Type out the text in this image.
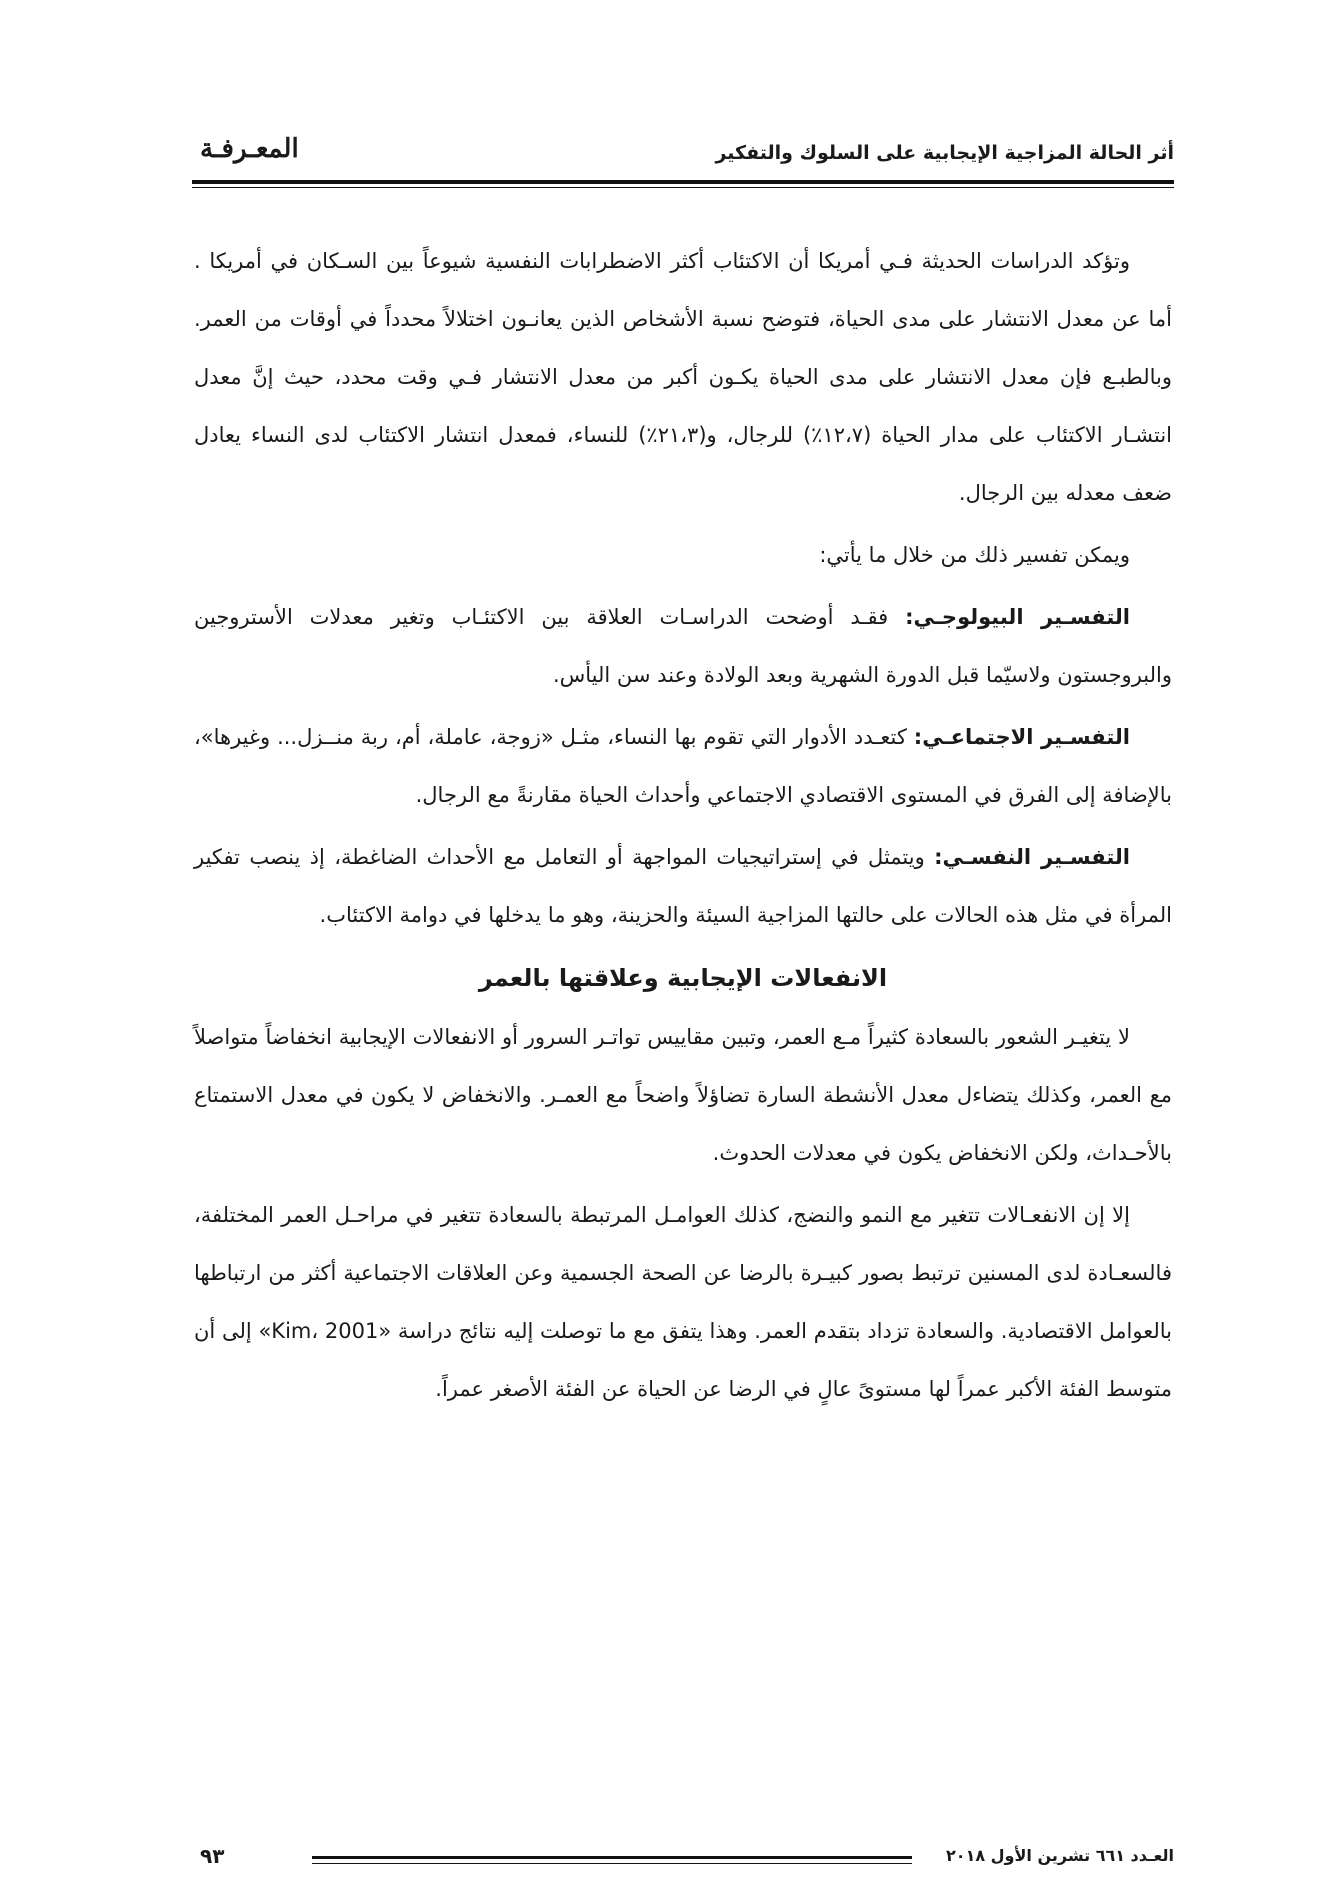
أثر الحالة المزاجية الإيجابية على السلوك والتفكير
المعـرفـة

وتؤكد الدراسات الحديثة فـي أمريكا أن الاكتئاب أكثر الاضطرابات النفسية شيوعاً بين السـكان في أمريكا . أما عن معدل الانتشار على مدى الحياة، فتوضح نسبة الأشخاص الذين يعانـون اختلالاً محدداً في أوقات من العمر. وبالطبـع فإن معدل الانتشار على مدى الحياة يكـون أكبر من معدل الانتشار فـي وقت محدد، حيث إنَّ معدل انتشـار الاكتئاب على مدار الحياة (١٢،٧٪) للرجال، و(٢١،٣٪) للنساء، فمعدل انتشار الاكتئاب لدى النساء يعادل ضعف معدله بين الرجال.

ويمكن تفسير ذلك من خلال ما يأتي:

التفسـير البيولوجـي: فقـد أوضحت الدراسـات العلاقة بين الاكتئـاب وتغير معدلات الأستروجين والبروجستون ولاسيّما قبل الدورة الشهرية وبعد الولادة وعند سن اليأس.

التفسـير الاجتماعـي: كتعـدد الأدوار التي تقوم بها النساء، مثـل «زوجة، عاملة، أم، ربة منــزل... وغيرها»، بالإضافة إلى الفرق في المستوى الاقتصادي الاجتماعي وأحداث الحياة مقارنةً مع الرجال.

التفسـير النفسـي: ويتمثل في إستراتيجيات المواجهة أو التعامل مع الأحداث الضاغطة، إذ ينصب تفكير المرأة في مثل هذه الحالات على حالتها المزاجية السيئة والحزينة، وهو ما يدخلها في دوامة الاكتئاب.

الانفعالات الإيجابية وعلاقتها بالعمر

لا يتغيـر الشعور بالسعادة كثيراً مـع العمر، وتبين مقاييس تواتـر السرور أو الانفعالات الإيجابية انخفاضاً متواصلاً مع العمر، وكذلك يتضاءل معدل الأنشطة السارة تضاؤلاً واضحاً مع العمـر. والانخفاض لا يكون في معدل الاستمتاع بالأحـداث، ولكن الانخفاض يكون في معدلات الحدوث.

إلا إن الانفعـالات تتغير مع النمو والنضج، كذلك العوامـل المرتبطة بالسعادة تتغير في مراحـل العمر المختلفة، فالسعـادة لدى المسنين ترتبط بصور كبيـرة بالرضا عن الصحة الجسمية وعن العلاقات الاجتماعية أكثر من ارتباطها بالعوامل الاقتصادية. والسعادة تزداد بتقدم العمر. وهذا يتفق مع ما توصلت إليه نتائج دراسة «Kim، 2001» إلى أن متوسط الفئة الأكبر عمراً لها مستوىً عالٍ في الرضا عن الحياة عن الفئة الأصغر عمراً.

العـدد ٦٦١ تشرين الأول ٢٠١٨
٩٣
